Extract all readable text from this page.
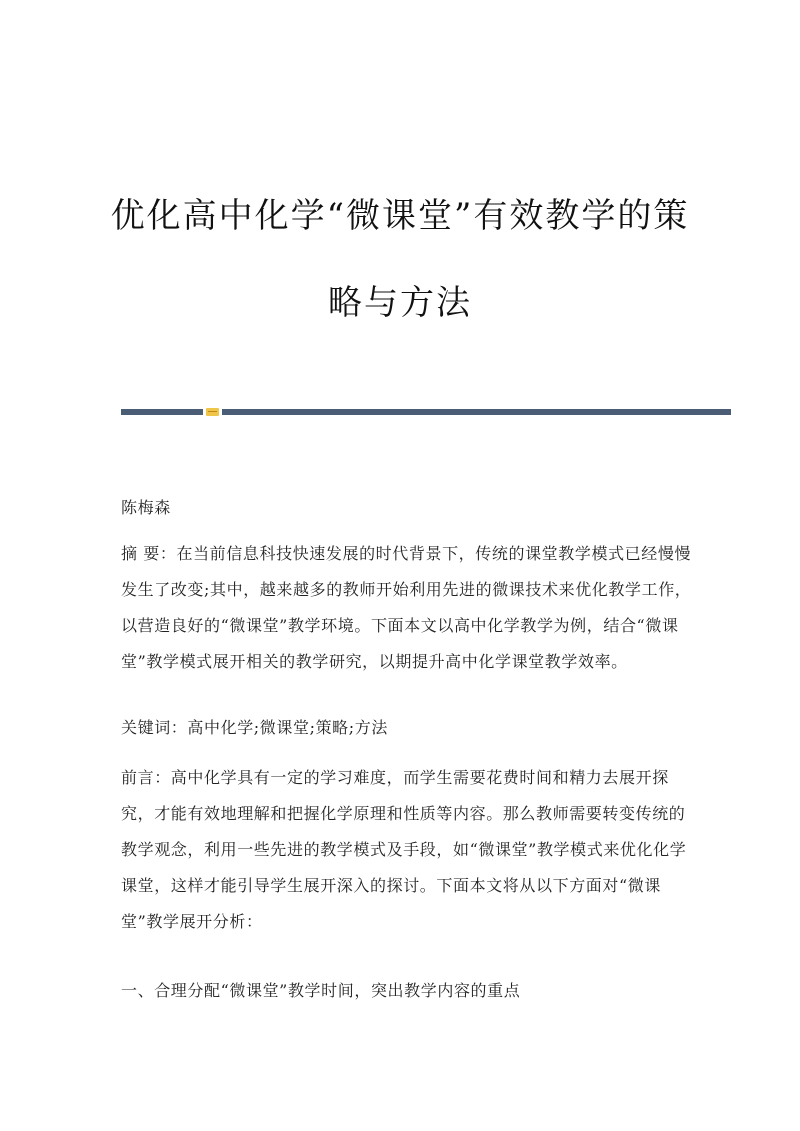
优化高中化学“微课堂”有效教学的策
略与方法
陈梅森
摘 要：在当前信息科技快速发展的时代背景下，传统的课堂教学模式已经慢慢发生了改变;其中，越来越多的教师开始利用先进的微课技术来优化教学工作，以营造良好的“微课堂”教学环境。下面本文以高中化学教学为例，结合“微课堂”教学模式展开相关的教学研究，以期提升高中化学课堂教学效率。
关键词：高中化学;微课堂;策略;方法
前言：高中化学具有一定的学习难度，而学生需要花费时间和精力去展开探究，才能有效地理解和把握化学原理和性质等内容。那么教师需要转变传统的教学观念，利用一些先进的教学模式及手段，如“微课堂”教学模式来优化化学课堂，这样才能引导学生展开深入的探讨。下面本文将从以下方面对“微课堂”教学展开分析：
一、合理分配“微课堂”教学时间，突出教学内容的重点
